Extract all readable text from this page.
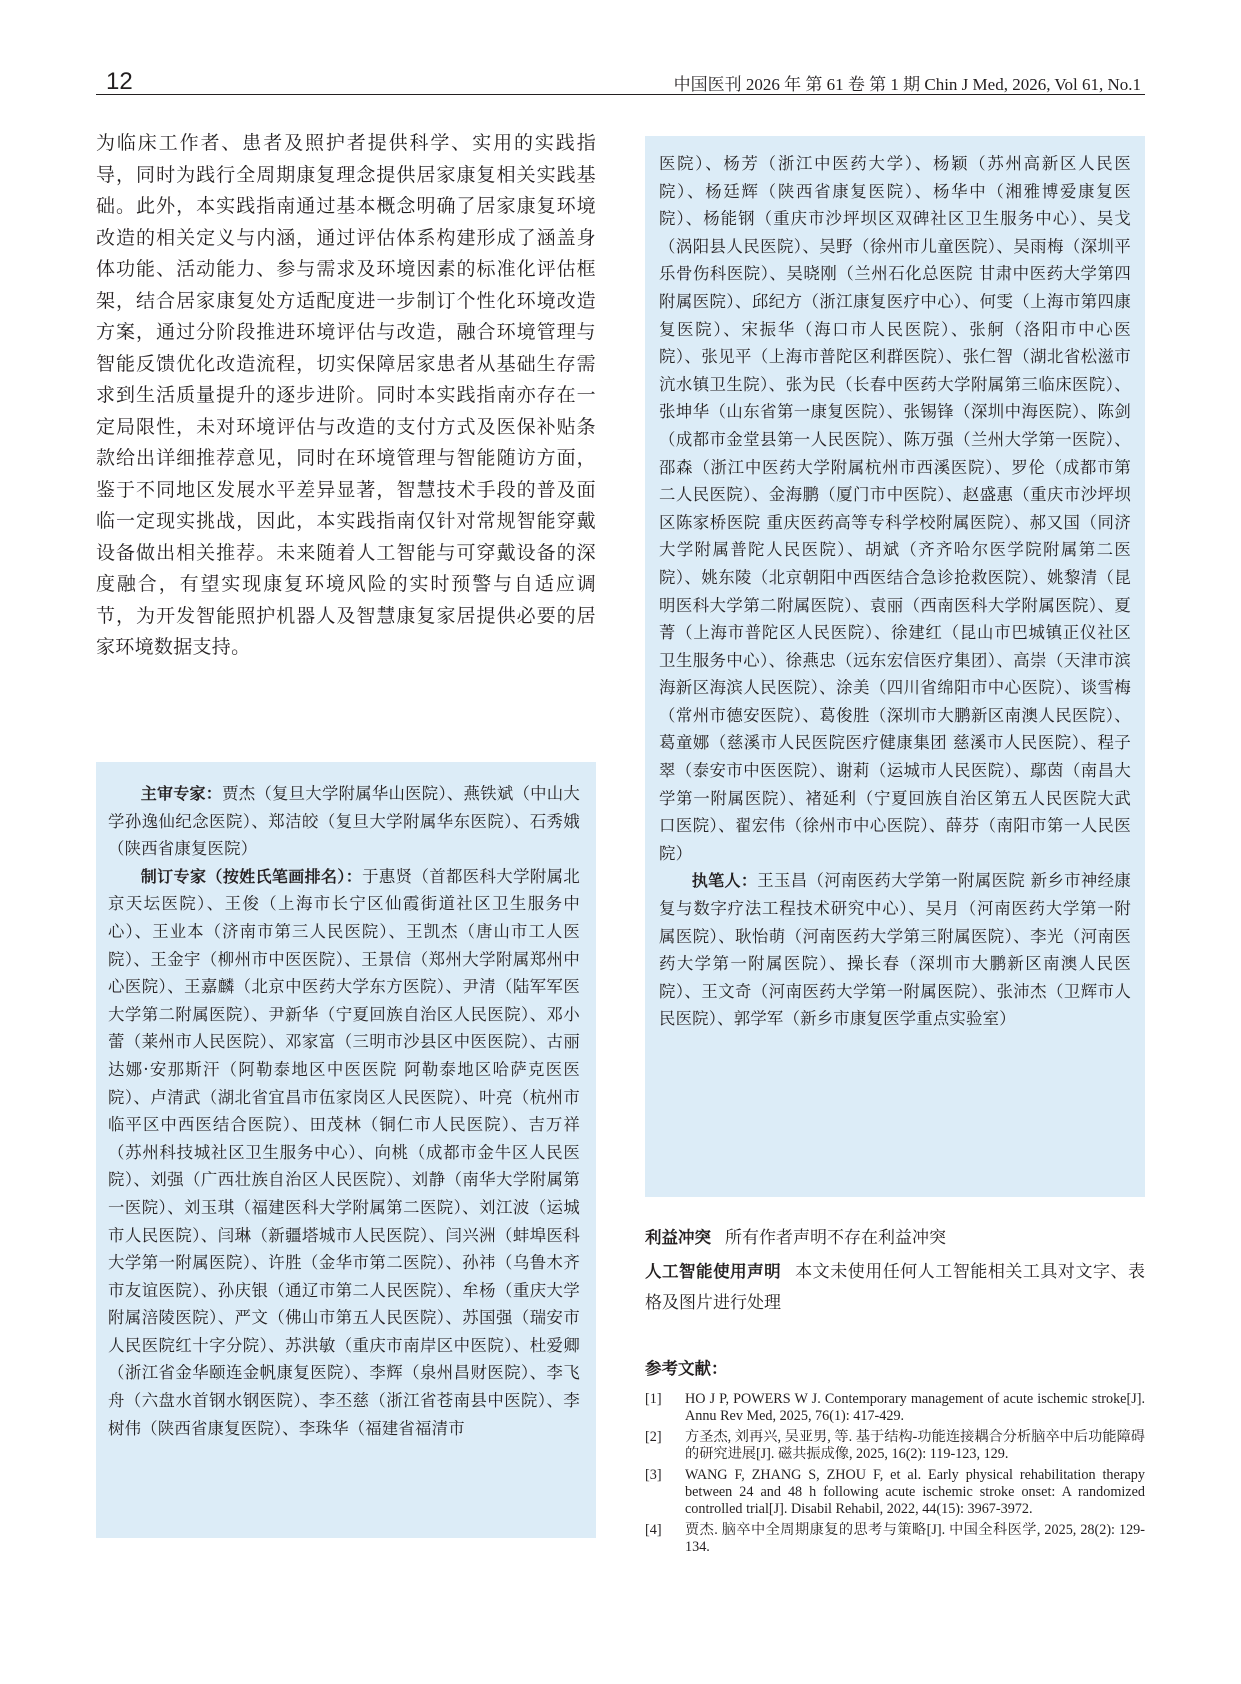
12	中国医刊 2026 年 第 61 卷 第 1 期 Chin J Med, 2026, Vol 61, No.1

为临床工作者、患者及照护者提供科学、实用的实践指导，同时为践行全周期康复理念提供居家康复相关实践基础。此外，本实践指南通过基本概念明确了居家康复环境改造的相关定义与内涵，通过评估体系构建形成了涵盖身体功能、活动能力、参与需求及环境因素的标准化评估框架，结合居家康复处方适配度进一步制订个性化环境改造方案，通过分阶段推进环境评估与改造，融合环境管理与智能反馈优化改造流程，切实保障居家患者从基础生存需求到生活质量提升的逐步进阶。同时本实践指南亦存在一定局限性，未对环境评估与改造的支付方式及医保补贴条款给出详细推荐意见，同时在环境管理与智能随访方面，鉴于不同地区发展水平差异显著，智慧技术手段的普及面临一定现实挑战，因此，本实践指南仅针对常规智能穿戴设备做出相关推荐。未来随着人工智能与可穿戴设备的深度融合，有望实现康复环境风险的实时预警与自适应调节，为开发智能照护机器人及智慧康复家居提供必要的居家环境数据支持。

主审专家：贾杰（复旦大学附属华山医院）、燕铁斌（中山大学孙逸仙纪念医院）、郑洁皎（复旦大学附属华东医院）、石秀娥（陕西省康复医院）

制订专家（按姓氏笔画排名）：于惠贤（首都医科大学附属北京天坛医院）、王俊（上海市长宁区仙霞街道社区卫生服务中心）、王业本（济南市第三人民医院）、王凯杰（唐山市工人医院）、王金宇（柳州市中医医院）、王景信（郑州大学附属郑州中心医院）、王嘉麟（北京中医药大学东方医院）、尹清（陆军军医大学第二附属医院）、尹新华（宁夏回族自治区人民医院）、邓小蕾（莱州市人民医院）、邓家富（三明市沙县区中医医院）、古丽达娜·安那斯汗（阿勒泰地区中医医院 阿勒泰地区哈萨克医医院）、卢清武（湖北省宜昌市伍家岗区人民医院）、叶亮（杭州市临平区中西医结合医院）、田茂林（铜仁市人民医院）、吉万祥（苏州科技城社区卫生服务中心）、向桃（成都市金牛区人民医院）、刘强（广西壮族自治区人民医院）、刘静（南华大学附属第一医院）、刘玉琪（福建医科大学附属第二医院）、刘江波（运城市人民医院）、闫琳（新疆塔城市人民医院）、闫兴洲（蚌埠医科大学第一附属医院）、许胜（金华市第二医院）、孙祎（乌鲁木齐市友谊医院）、孙庆银（通辽市第二人民医院）、牟杨（重庆大学附属涪陵医院）、严文（佛山市第五人民医院）、苏国强（瑞安市人民医院红十字分院）、苏洪敏（重庆市南岸区中医院）、杜爱卿（浙江省金华颐连金帆康复医院）、李辉（泉州昌财医院）、李飞舟（六盘水首钢水钢医院）、李丕慈（浙江省苍南县中医院）、李树伟（陕西省康复医院）、李珠华（福建省福清市

医院）、杨芳（浙江中医药大学）、杨颖（苏州高新区人民医院）、杨廷辉（陕西省康复医院）、杨华中（湘雅博爱康复医院）、杨能钢（重庆市沙坪坝区双碑社区卫生服务中心）、吴戈（涡阳县人民医院）、吴野（徐州市儿童医院）、吴雨梅（深圳平乐骨伤科医院）、吴晓刚（兰州石化总医院 甘肃中医药大学第四附属医院）、邱纪方（浙江康复医疗中心）、何雯（上海市第四康复医院）、宋振华（海口市人民医院）、张舸（洛阳市中心医院）、张见平（上海市普陀区利群医院）、张仁智（湖北省松滋市沆水镇卫生院）、张为民（长春中医药大学附属第三临床医院）、张坤华（山东省第一康复医院）、张锡锋（深圳中海医院）、陈剑（成都市金堂县第一人民医院）、陈万强（兰州大学第一医院）、邵森（浙江中医药大学附属杭州市西溪医院）、罗伦（成都市第二人民医院）、金海鹏（厦门市中医院）、赵盛惠（重庆市沙坪坝区陈家桥医院 重庆医药高等专科学校附属医院）、郝又国（同济大学附属普陀人民医院）、胡斌（齐齐哈尔医学院附属第二医院）、姚东陵（北京朝阳中西医结合急诊抢救医院）、姚黎清（昆明医科大学第二附属医院）、袁丽（西南医科大学附属医院）、夏菁（上海市普陀区人民医院）、徐建红（昆山市巴城镇正仪社区卫生服务中心）、徐燕忠（远东宏信医疗集团）、高崇（天津市滨海新区海滨人民医院）、涂美（四川省绵阳市中心医院）、谈雪梅（常州市德安医院）、葛俊胜（深圳市大鹏新区南澳人民医院）、葛童娜（慈溪市人民医院医疗健康集团 慈溪市人民医院）、程子翠（泰安市中医医院）、谢莉（运城市人民医院）、鄢茵（南昌大学第一附属医院）、褚延利（宁夏回族自治区第五人民医院大武口医院）、翟宏伟（徐州市中心医院）、薛芬（南阳市第一人民医院）

执笔人：王玉昌（河南医药大学第一附属医院 新乡市神经康复与数字疗法工程技术研究中心）、吴月（河南医药大学第一附属医院）、耿怡萌（河南医药大学第三附属医院）、李光（河南医药大学第一附属医院）、操长春（深圳市大鹏新区南澳人民医院）、王文奇（河南医药大学第一附属医院）、张沛杰（卫辉市人民医院）、郭学军（新乡市康复医学重点实验室）

利益冲突 所有作者声明不存在利益冲突

人工智能使用声明 本文未使用任何人工智能相关工具对文字、表格及图片进行处理

参考文献：
[1]	HO J P, POWERS W J. Contemporary management of acute ischemic stroke[J]. Annu Rev Med, 2025, 76(1): 417-429.
[2]	方圣杰, 刘再兴, 吴亚男, 等. 基于结构-功能连接耦合分析脑卒中后功能障碍的研究进展[J]. 磁共振成像, 2025, 16(2): 119-123, 129.
[3]	WANG F, ZHANG S, ZHOU F, et al. Early physical rehabilitation therapy between 24 and 48 h following acute ischemic stroke onset: A randomized controlled trial[J]. Disabil Rehabil, 2022, 44(15): 3967-3972.
[4]	贾杰. 脑卒中全周期康复的思考与策略[J]. 中国全科医学, 2025, 28(2): 129-134.
